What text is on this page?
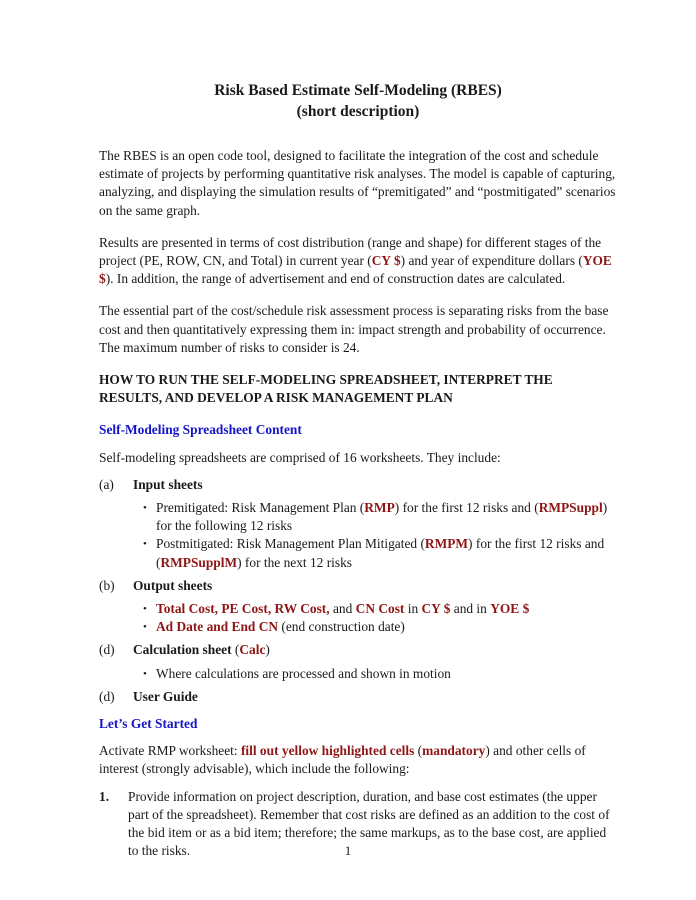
Risk Based Estimate Self-Modeling (RBES)
(short description)

The RBES is an open code tool, designed to facilitate the integration of the cost and schedule estimate of projects by performing quantitative risk analyses. The model is capable of capturing, analyzing, and displaying the simulation results of “premitigated” and “postmitigated” scenarios on the same graph.

Results are presented in terms of cost distribution (range and shape) for different stages of the project (PE, ROW, CN, and Total) in current year (CY $) and year of expenditure dollars (YOE $). In addition, the range of advertisement and end of construction dates are calculated.

The essential part of the cost/schedule risk assessment process is separating risks from the base cost and then quantitatively expressing them in: impact strength and probability of occurrence. The maximum number of risks to consider is 24.

HOW TO RUN THE SELF-MODELING SPREADSHEET, INTERPRET THE RESULTS, AND DEVELOP A RISK MANAGEMENT PLAN
Self-Modeling Spreadsheet Content

Self-modeling spreadsheets are comprised of 16 worksheets. They include:

(a)	Input sheets
• Premitigated: Risk Management Plan (RMP) for the first 12 risks and (RMPSuppl) for the following 12 risks
• Postmitigated: Risk Management Plan Mitigated (RMPM) for the first 12 risks and (RMPSupplM) for the next 12 risks
(b)	Output sheets
• Total Cost, PE Cost, RW Cost, and CN Cost in CY $ and in YOE $
• Ad Date and End CN (end construction date)
(d)	Calculation sheet (Calc)
• Where calculations are processed and shown in motion
(d)	User Guide
Let’s Get Started

Activate RMP worksheet: fill out yellow highlighted cells (mandatory) and other cells of interest (strongly advisable), which include the following:

1. Provide information on project description, duration, and base cost estimates (the upper part of the spreadsheet). Remember that cost risks are defined as an addition to the cost of the bid item or as a bid item; therefore; the same markups, as to the base cost, are applied to the risks.	1
